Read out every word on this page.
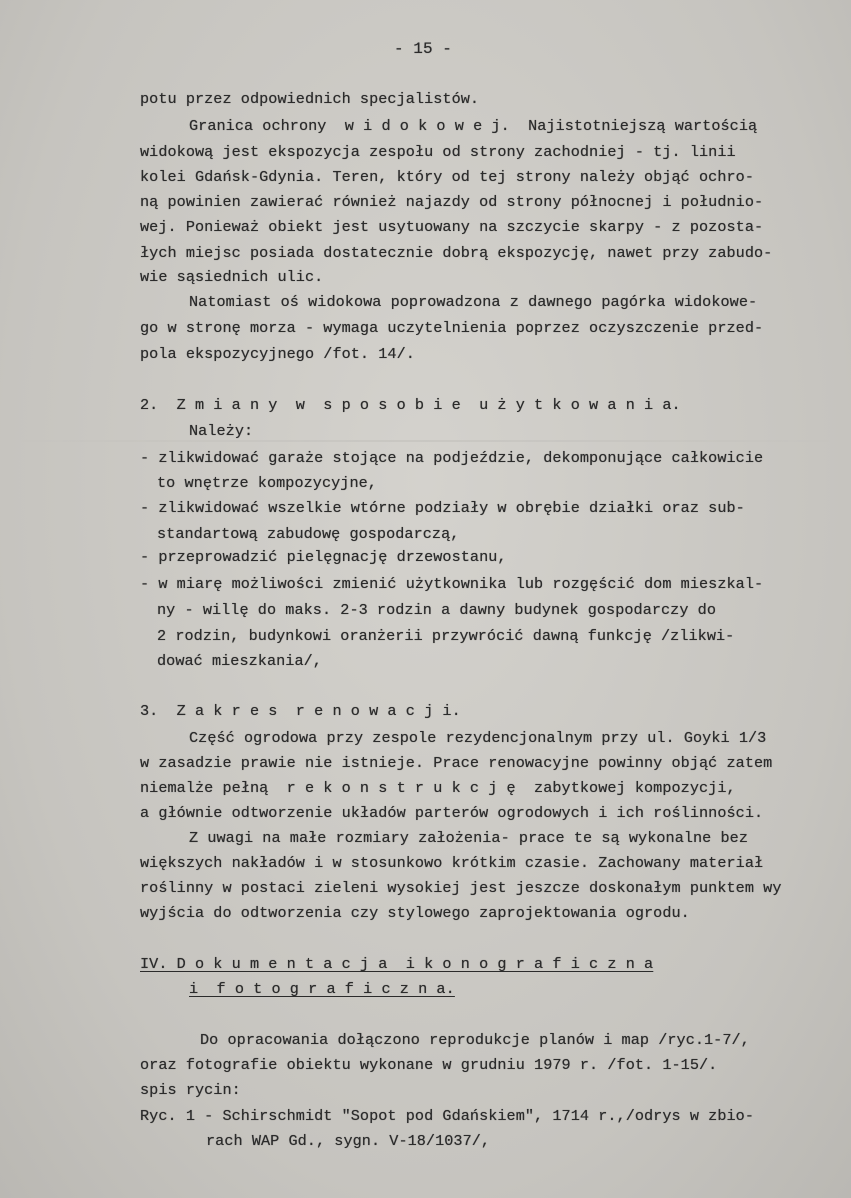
- 15 -
potu przez odpowiednich specjalistów.
Granica ochrony  w i d o k o w e j.  Najistotniejszą wartością
widokową jest ekspozycja zespołu od strony zachodniej - tj. linii
kolei Gdańsk-Gdynia. Teren, który od tej strony należy objąć ochro-
ną powinien zawierać również najazdy od strony północnej i południo-
wej. Ponieważ obiekt jest usytuowany na szczycie skarpy - z pozosta-
łych miejsc posiada dostatecznie dobrą ekspozycję, nawet przy zabudo-
wie sąsiednich ulic.
Natomiast oś widokowa poprowadzona z dawnego pagórka widokowe-
go w stronę morza - wymaga uczytelnienia poprzez oczyszczenie przed-
pola ekspozycyjnego /fot. 14/.
2.  Z m i a n y  w  s p o s o b i e  u ż y t k o w a n i a.
Należy:
- zlikwidować garaże stojące na podjeździe, dekomponujące całkowicie
to wnętrze kompozycyjne,
- zlikwidować wszelkie wtórne podziały w obrębie działki oraz sub-
standartową zabudowę gospodarczą,
- przeprowadzić pielęgnację drzewostanu,
- w miarę możliwości zmienić użytkownika lub rozgęścić dom mieszkal-
ny - willę do maks. 2-3 rodzin a dawny budynek gospodarczy do
2 rodzin, budynkowi oranżerii przywrócić dawną funkcję /zlikwi-
dować mieszkania/,
3.  Z a k r e s  r e n o w a c j i.
Część ogrodowa przy zespole rezydencjonalnym przy ul. Goyki 1/3
w zasadzie prawie nie istnieje. Prace renowacyjne powinny objąć zatem
niemalże pełną  r e k o n s t r u k c j ę  zabytkowej kompozycji,
a głównie odtworzenie układów parterów ogrodowych i ich roślinności.
Z uwagi na małe rozmiary założenia- prace te są wykonalne bez
większych nakładów i w stosunkowo krótkim czasie. Zachowany materiał
roślinny w postaci zieleni wysokiej jest jeszcze doskonałym punktem wy
wyjścia do odtworzenia czy stylowego zaprojektowania ogrodu.
IV. D o k u m e n t a c j a  i k o n o g r a f i c z n a
i  f o t o g r a f i c z n a.
Do opracowania dołączono reprodukcje planów i map /ryc.1-7/,
oraz fotografie obiektu wykonane w grudniu 1979 r. /fot. 1-15/.
spis rycin:
Ryc. 1 - Schirschmidt "Sopot pod Gdańskiem", 1714 r.,/odrys w zbio-
rach WAP Gd., sygn. V-18/1037/,
